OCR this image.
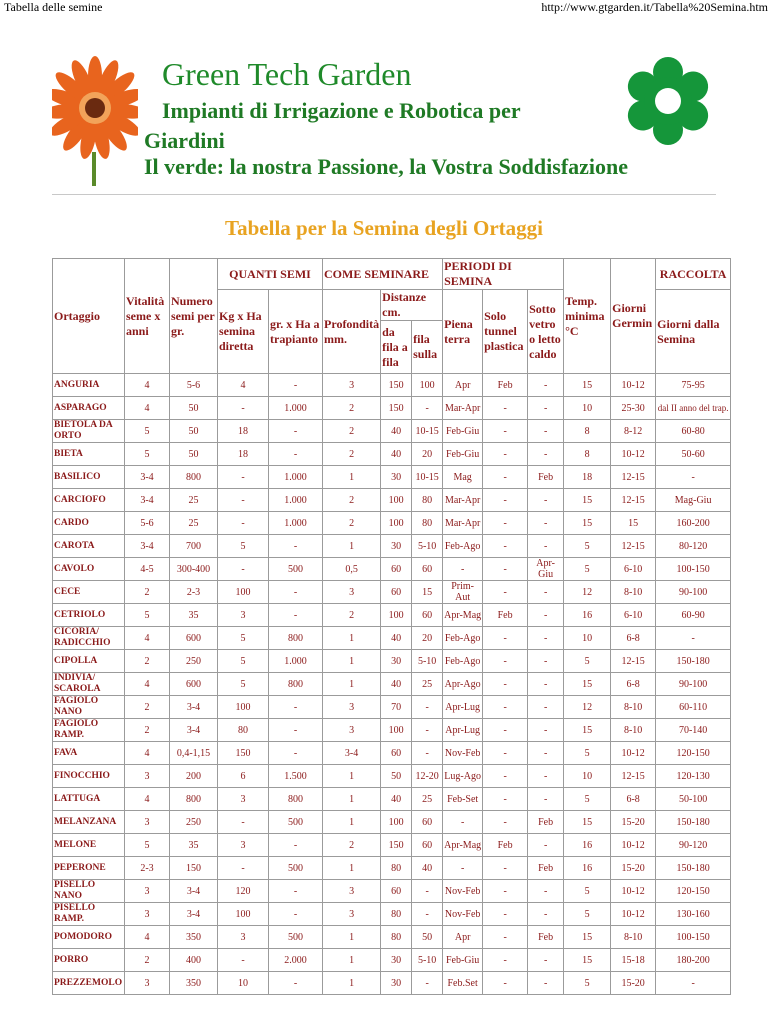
Tabella delle semine	http://www.gtgarden.it/Tabella%20Semina.htm
Green Tech Garden
Impianti di Irrigazione e Robotica per
Giardini
Il verde: la nostra Passione, la Vostra Soddisfazione
Tabella per la Semina degli Ortaggi
Ortaggio	Vitalità seme x anni	Numero semi per gr.	QUANTI SEMI		COME SEMINARE			PERIODI DI SEMINA			Temp. minima °C	Giorni Germin	RACCOLTA
			Kg x Ha semina diretta	gr. x Ha a trapianto	Profondità mm.	Distanze cm.		Piena terra	Solo tunnel plastica	Sotto vetro o letto caldo			Giorni dalla Semina
						da fila a fila	fila sulla						
ANGURIA	4	5-6	4	-	3	150	100	Apr	Feb	-	15	10-12	75-95
ASPARAGO	4	50	-	1.000	2	150	-	Mar-Apr	-	-	10	25-30	dal II anno del trap.
BIETOLA DA ORTO	5	50	18	-	2	40	10-15	Feb-Giu	-	-	8	8-12	60-80
BIETA	5	50	18	-	2	40	20	Feb-Giu	-	-	8	10-12	50-60
BASILICO	3-4	800	-	1.000	1	30	10-15	Mag	-	Feb	18	12-15	-
CARCIOFO	3-4	25	-	1.000	2	100	80	Mar-Apr	-	-	15	12-15	Mag-Giu
CARDO	5-6	25	-	1.000	2	100	80	Mar-Apr	-	-	15	15	160-200
CAROTA	3-4	700	5	-	1	30	5-10	Feb-Ago	-	-	5	12-15	80-120
CAVOLO	4-5	300-400	-	500	0,5	60	60	-	-	Apr-Giu	5	6-10	100-150
CECE	2	2-3	100	-	3	60	15	Prim-Aut	-	-	12	8-10	90-100
CETRIOLO	5	35	3	-	2	100	60	Apr-Mag	Feb	-	16	6-10	60-90
CICORIA/ RADICCHIO	4	600	5	800	1	40	20	Feb-Ago	-	-	10	6-8	-
CIPOLLA	2	250	5	1.000	1	30	5-10	Feb-Ago	-	-	5	12-15	150-180
INDIVIA/ SCAROLA	4	600	5	800	1	40	25	Apr-Ago	-	-	15	6-8	90-100
FAGIOLO NANO	2	3-4	100	-	3	70	-	Apr-Lug	-	-	12	8-10	60-110
FAGIOLO RAMP.	2	3-4	80	-	3	100	-	Apr-Lug	-	-	15	8-10	70-140
FAVA	4	0,4-1,15	150	-	3-4	60	-	Nov-Feb	-	-	5	10-12	120-150
FINOCCHIO	3	200	6	1.500	1	50	12-20	Lug-Ago	-	-	10	12-15	120-130
LATTUGA	4	800	3	800	1	40	25	Feb-Set	-	-	5	6-8	50-100
MELANZANA	3	250	-	500	1	100	60	-	-	Feb	15	15-20	150-180
MELONE	5	35	3	-	2	150	60	Apr-Mag	Feb	-	16	10-12	90-120
PEPERONE	2-3	150	-	500	1	80	40	-	-	Feb	16	15-20	150-180
PISELLO NANO	3	3-4	120	-	3	60	-	Nov-Feb	-	-	5	10-12	120-150
PISELLO RAMP.	3	3-4	100	-	3	80	-	Nov-Feb	-	-	5	10-12	130-160
POMODORO	4	350	3	500	1	80	50	Apr	-	Feb	15	8-10	100-150
PORRO	2	400	-	2.000	1	30	5-10	Feb-Giu	-	-	15	15-18	180-200
PREZZEMOLO	3	350	10	-	1	30	-	Feb.Set	-	-	5	15-20	-
